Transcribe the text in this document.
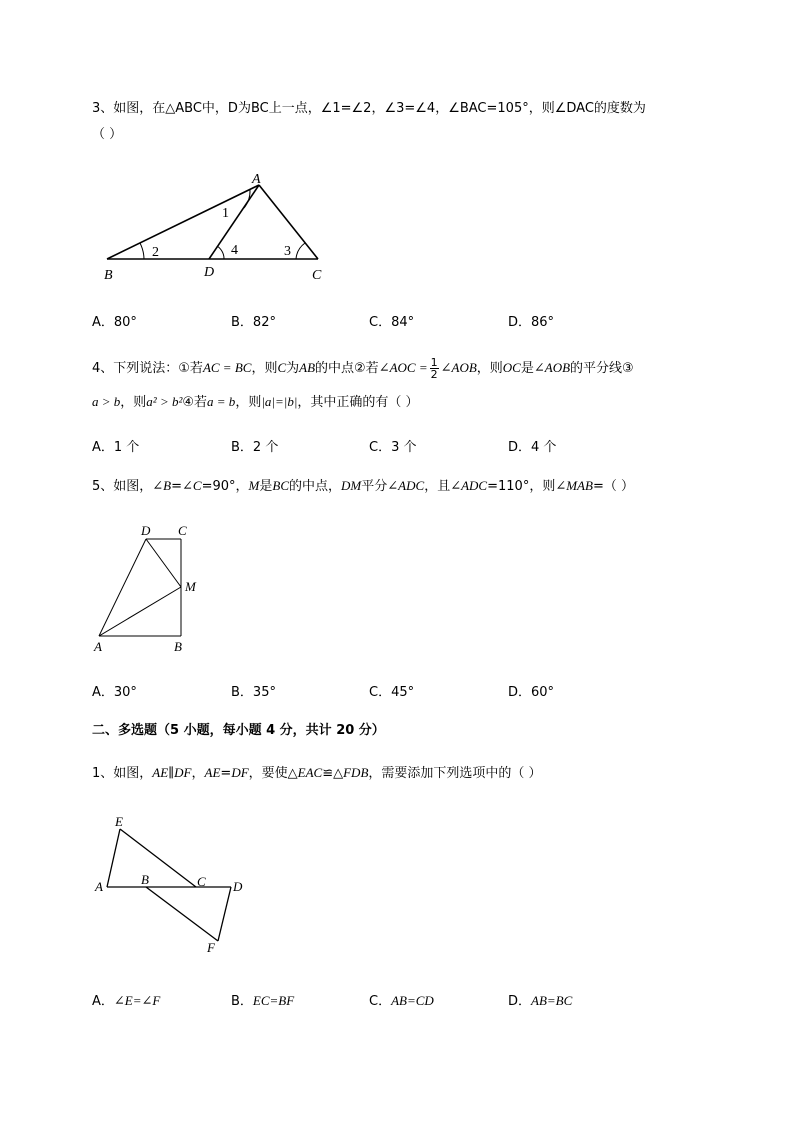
3、如图，在△ABC中，D为BC上一点，∠1=∠2，∠3=∠4，∠BAC=105°，则∠DAC的度数为
（ ）
A
B	D	C
1
2	3
4
A．80°	B．82°	C．84°	D．86°
4、下列说法：①若AC = BC，则C为AB的中点②若∠AOC = $\frac{1}{2}$ ∠AOB，则OC是∠AOB的平分线③
a > b，则a² > b²④若a = b，则|a|=|b|，其中正确的有（ ）
A．1 个	B．2 个	C．3 个	D．4 个
5、如图，∠B=∠C=90°，M是BC的中点，DM平分∠ADC，且∠ADC=110°，则∠MAB=（ ）
D C
M
A	B
A．30°	B．35°	C．45°	D．60°
二、多选题（5 小题，每小题 4 分，共计 20 分）
1、如图，AE∥DF，AE=DF，要使△EAC≌△FDB，需要添加下列选项中的（ ）
E
A	B	C D
F
A．∠E=∠F	B．EC=BF	C．AB=CD	D．AB=BC
